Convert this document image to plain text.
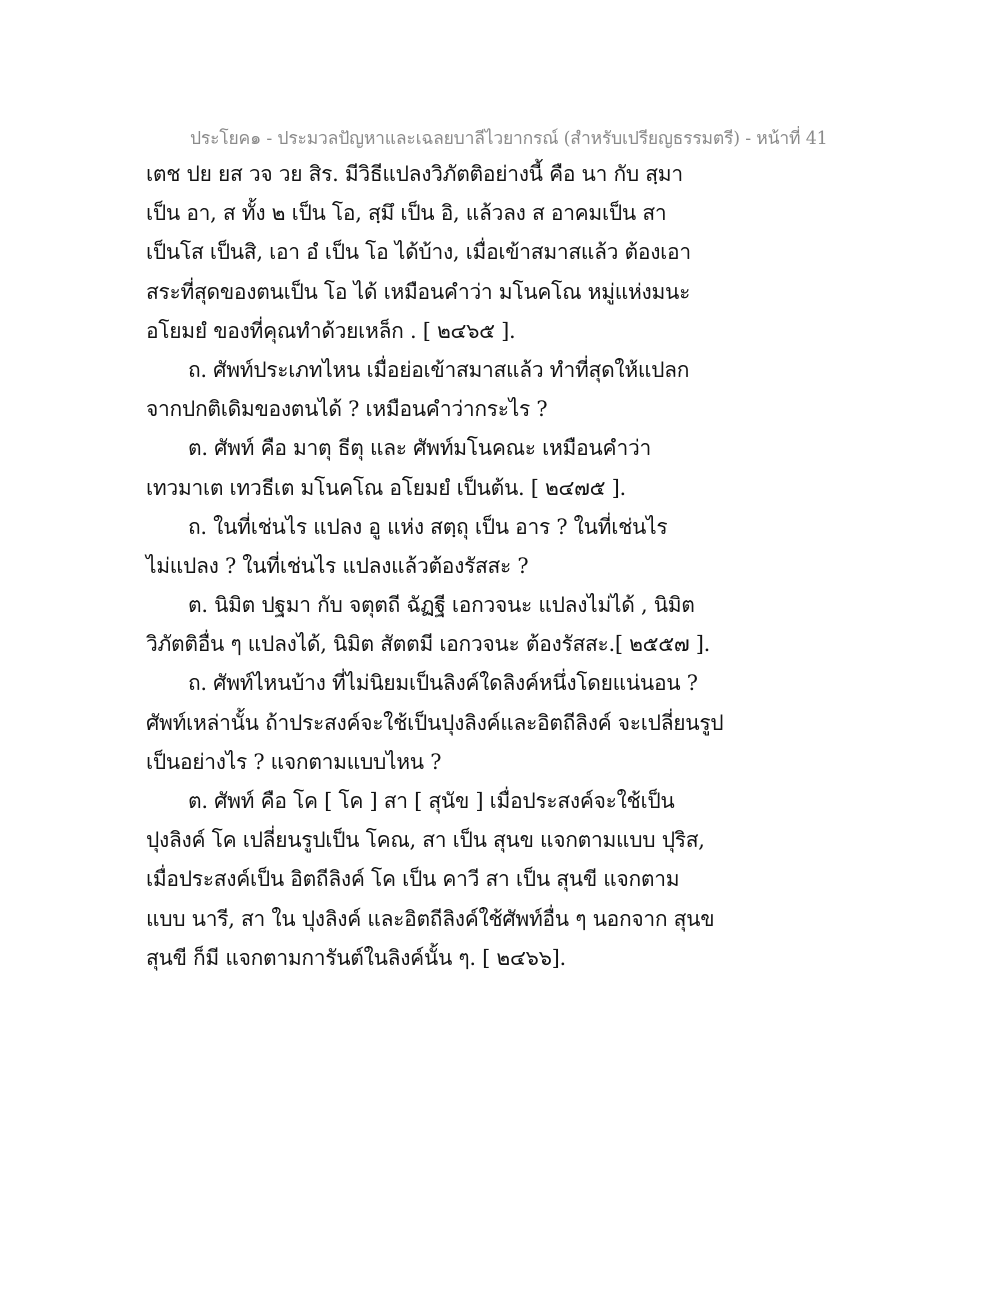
ประโยค๑ - ประมวลปัญหาและเฉลยบาลีไวยากรณ์ (สำหรับเปรียญธรรมตรี) - หน้าที่ 41
เตช ปย ยส วจ วย สิร. มีวิธีแปลงวิภัตติอย่างนี้ คือ นา กับ สฺมา
เป็น อา, ส ทั้ง ๒ เป็น โอ, สฺมึ เป็น อิ, แล้วลง ส อาคมเป็น สา
เป็นโส เป็นสิ, เอา อํ เป็น โอ ได้บ้าง, เมื่อเข้าสมาสแล้ว ต้องเอา
สระที่สุดของตนเป็น โอ ได้ เหมือนคำว่า มโนคโณ หมู่แห่งมนะ
อโยมยํ ของที่คุณทำด้วยเหล็ก . [ ๒๔๖๕ ].
ถ. ศัพท์ประเภทไหน เมื่อย่อเข้าสมาสแล้ว ทำที่สุดให้แปลก
จากปกติเดิมของตนได้ ? เหมือนคำว่ากระไร ?
ต. ศัพท์ คือ มาตุ ธีตุ และ ศัพท์มโนคณะ เหมือนคำว่า
เทวมาเต เทวธีเต มโนคโณ อโยมยํ เป็นต้น. [ ๒๔๗๕ ].
ถ. ในที่เช่นไร แปลง อู แห่ง สตฺถุ เป็น อาร ? ในที่เช่นไร
ไม่แปลง ? ในที่เช่นไร แปลงแล้วต้องรัสสะ ?
ต. นิมิต ปฐมา กับ จตุตถี ฉัฏฐี เอกวจนะ แปลงไม่ได้ , นิมิต
วิภัตติอื่น ๆ แปลงได้, นิมิต สัตตมี เอกวจนะ ต้องรัสสะ.[ ๒๕๕๗ ].
ถ. ศัพท์ไหนบ้าง ที่ไม่นิยมเป็นลิงค์ใดลิงค์หนึ่งโดยแน่นอน ?
ศัพท์เหล่านั้น ถ้าประสงค์จะใช้เป็นปุงลิงค์และอิตถีลิงค์ จะเปลี่ยนรูป
เป็นอย่างไร ? แจกตามแบบไหน ?
ต. ศัพท์ คือ โค [ โค ] สา [ สุนัข ] เมื่อประสงค์จะใช้เป็น
ปุงลิงค์ โค เปลี่ยนรูปเป็น โคณ, สา เป็น สุนข แจกตามแบบ ปุริส,
เมื่อประสงค์เป็น อิตถีลิงค์ โค เป็น คาวี สา เป็น สุนขี แจกตาม
แบบ นารี, สา ใน ปุงลิงค์ และอิตถีลิงค์ใช้ศัพท์อื่น ๆ นอกจาก สุนข
สุนขี ก็มี แจกตามการันต์ในลิงค์นั้น ๆ. [ ๒๔๖๖].
